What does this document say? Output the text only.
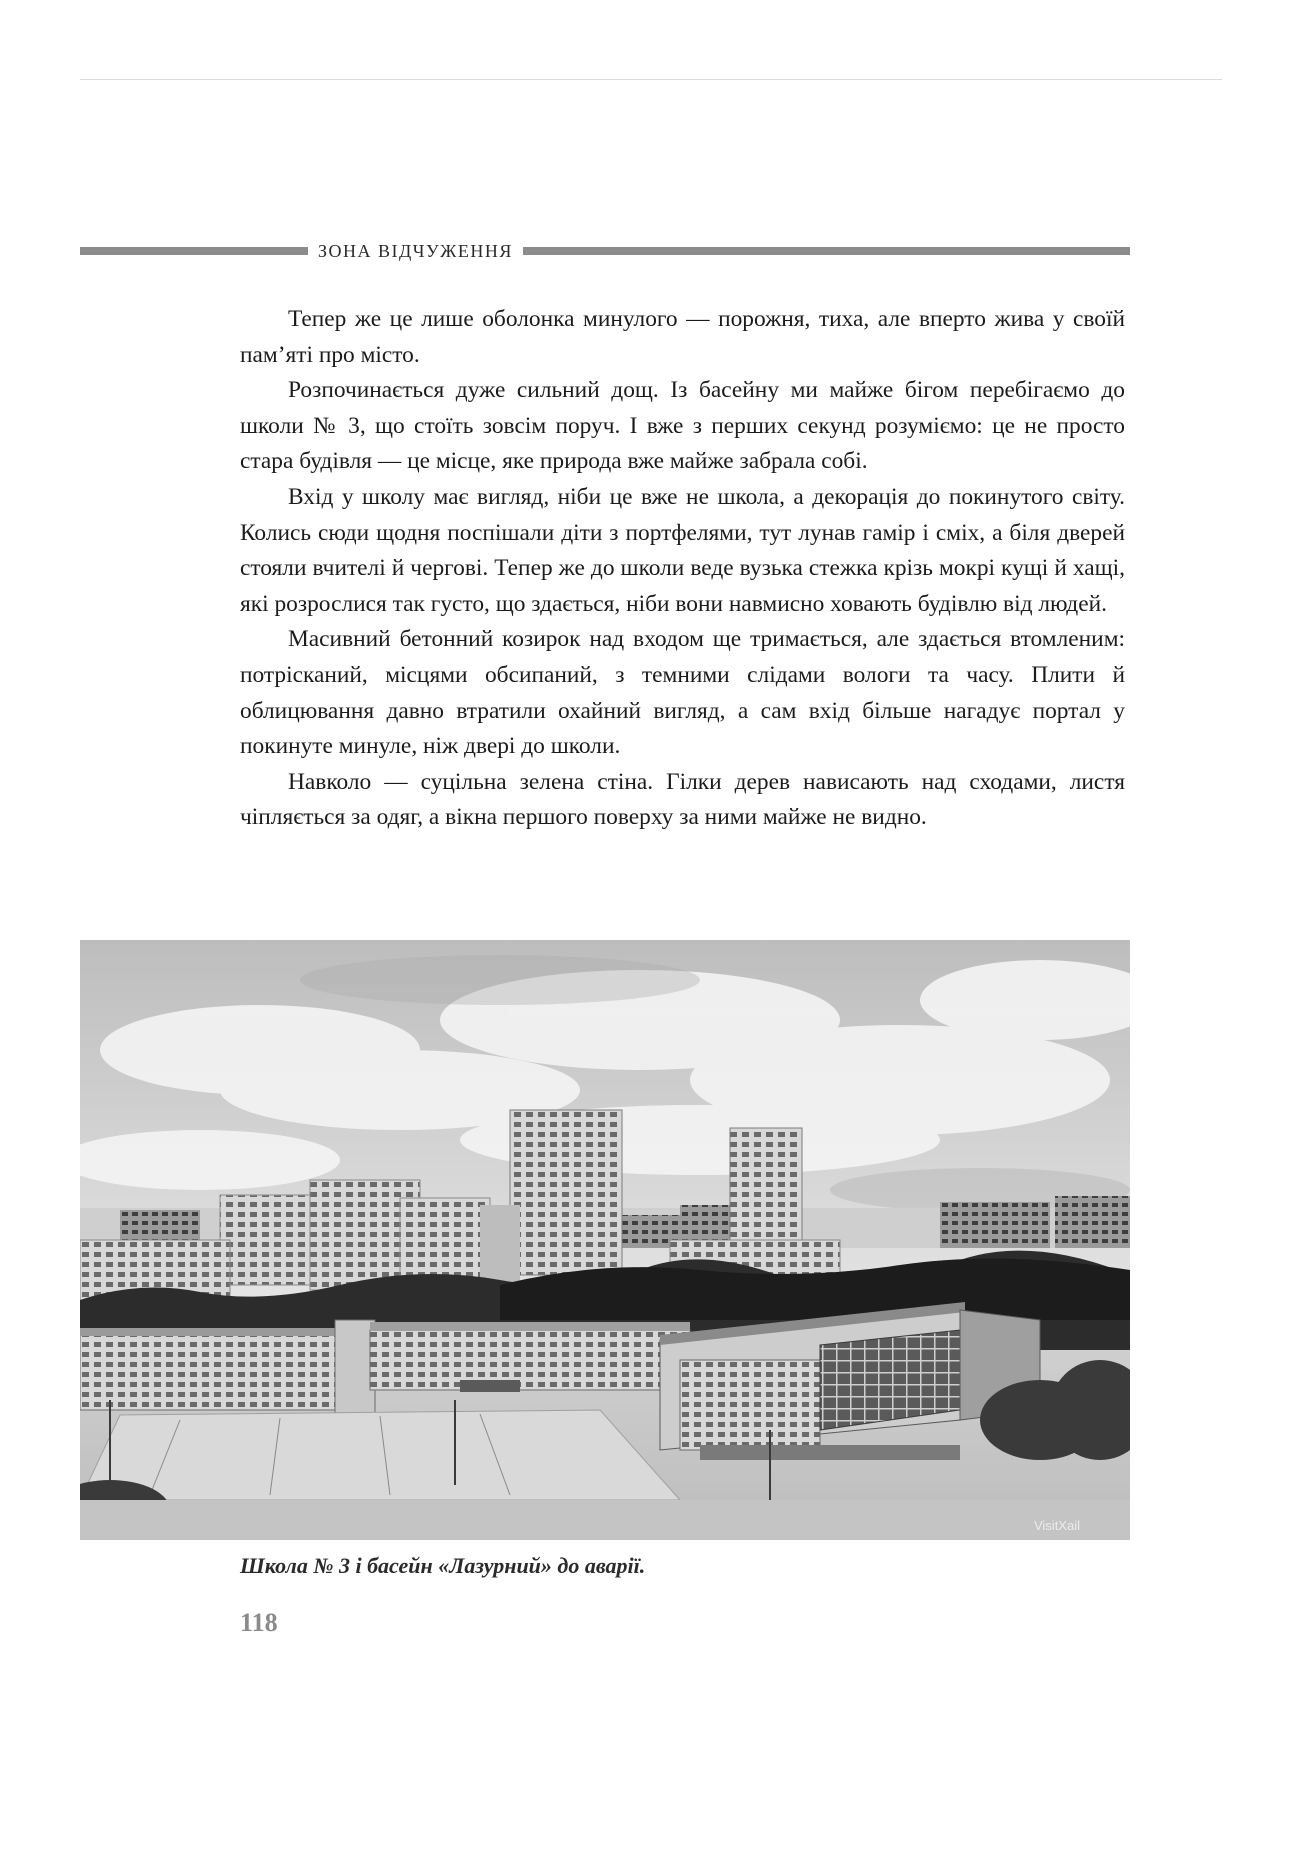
ЗОНА ВІДЧУЖЕННЯ

Тепер же це лише оболонка минулого — порожня, тиха, але вперто жива у своїй пам’яті про місто.

Розпочинається дуже сильний дощ. Із басейну ми майже бігом перебігаємо до школи № 3, що стоїть зовсім поруч. І вже з перших секунд розуміємо: це не просто стара будівля — це місце, яке природа вже майже забрала собі.

Вхід у школу має вигляд, ніби це вже не школа, а декорація до покинутого світу. Колись сюди щодня поспішали діти з портфелями, тут лунав гамір і сміх, а біля дверей стояли вчителі й чергові. Тепер же до школи веде вузька стежка крізь мокрі кущі й хащі, які розрослися так густо, що здається, ніби вони навмисно ховають будівлю від людей.

Масивний бетонний козирок над входом ще тримається, але здається втомленим: потрісканий, місцями обсипаний, з темними слідами вологи та часу. Плити й облицювання давно втратили охайний вигляд, а сам вхід більше нагадує портал у покинуте минуле, ніж двері до школи.

Навколо — суцільна зелена стіна. Гілки дерев нависають над сходами, листя чіпляється за одяг, а вікна першого поверху за ними майже не видно.

VisitXail
Школа № 3 і басейн «Лазурний» до аварії.
118
